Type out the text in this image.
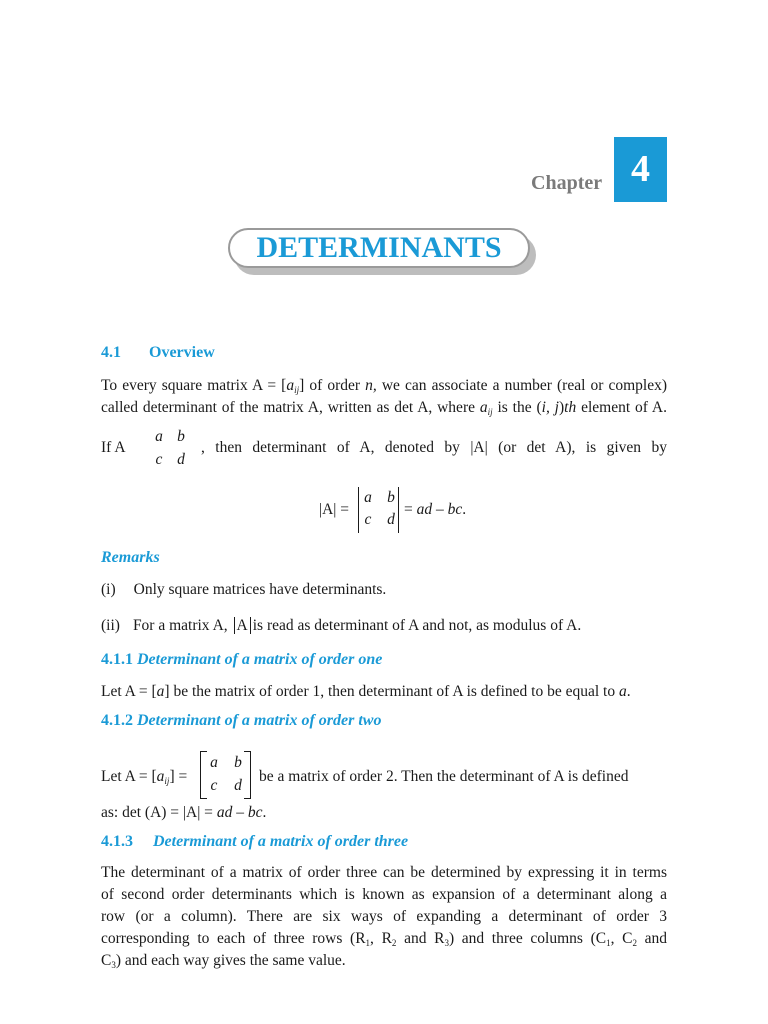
Chapter 4
DETERMINANTS
4.1 Overview
To every square matrix $A = [a_{ij}]$ of order n, we can associate a number (real or complex)
called determinant of the matrix A, written as det A, where $a_{ij}$ is the (i, j)th element of A.
If A
a b
c d
, then determinant of A, denoted by |A| (or det A), is given by
|A| =
a b
c	d
= ad – bc.
Remarks
(i) Only square matrices have determinants.
(ii) For a matrix A, A is read as determinant of A and not, as modulus of A.
4.1.1 Determinant of a matrix of order one
Let A = [a] be the matrix of order 1, then determinant of A is defined to be equal to a.
4.1.2 Determinant of a matrix of order two
Let $A = [a_{ij}]$ =
a	b
c	d
be a matrix of order 2. Then the determinant of A is defined
as: det (A) = |A| = ad – bc.
4.1.3 Determinant of a matrix of order three
The determinant of a matrix of order three can be determined by expressing it in terms
of second order determinants which is known as expansion of a determinant along a
row (or a column). There are six ways of expanding a determinant of order 3
corresponding to each of three rows ($R_1$, $R_2$ and $R_3$) and three columns ($C_1$, $C_2$ and
$C_3$) and each way gives the same value.
